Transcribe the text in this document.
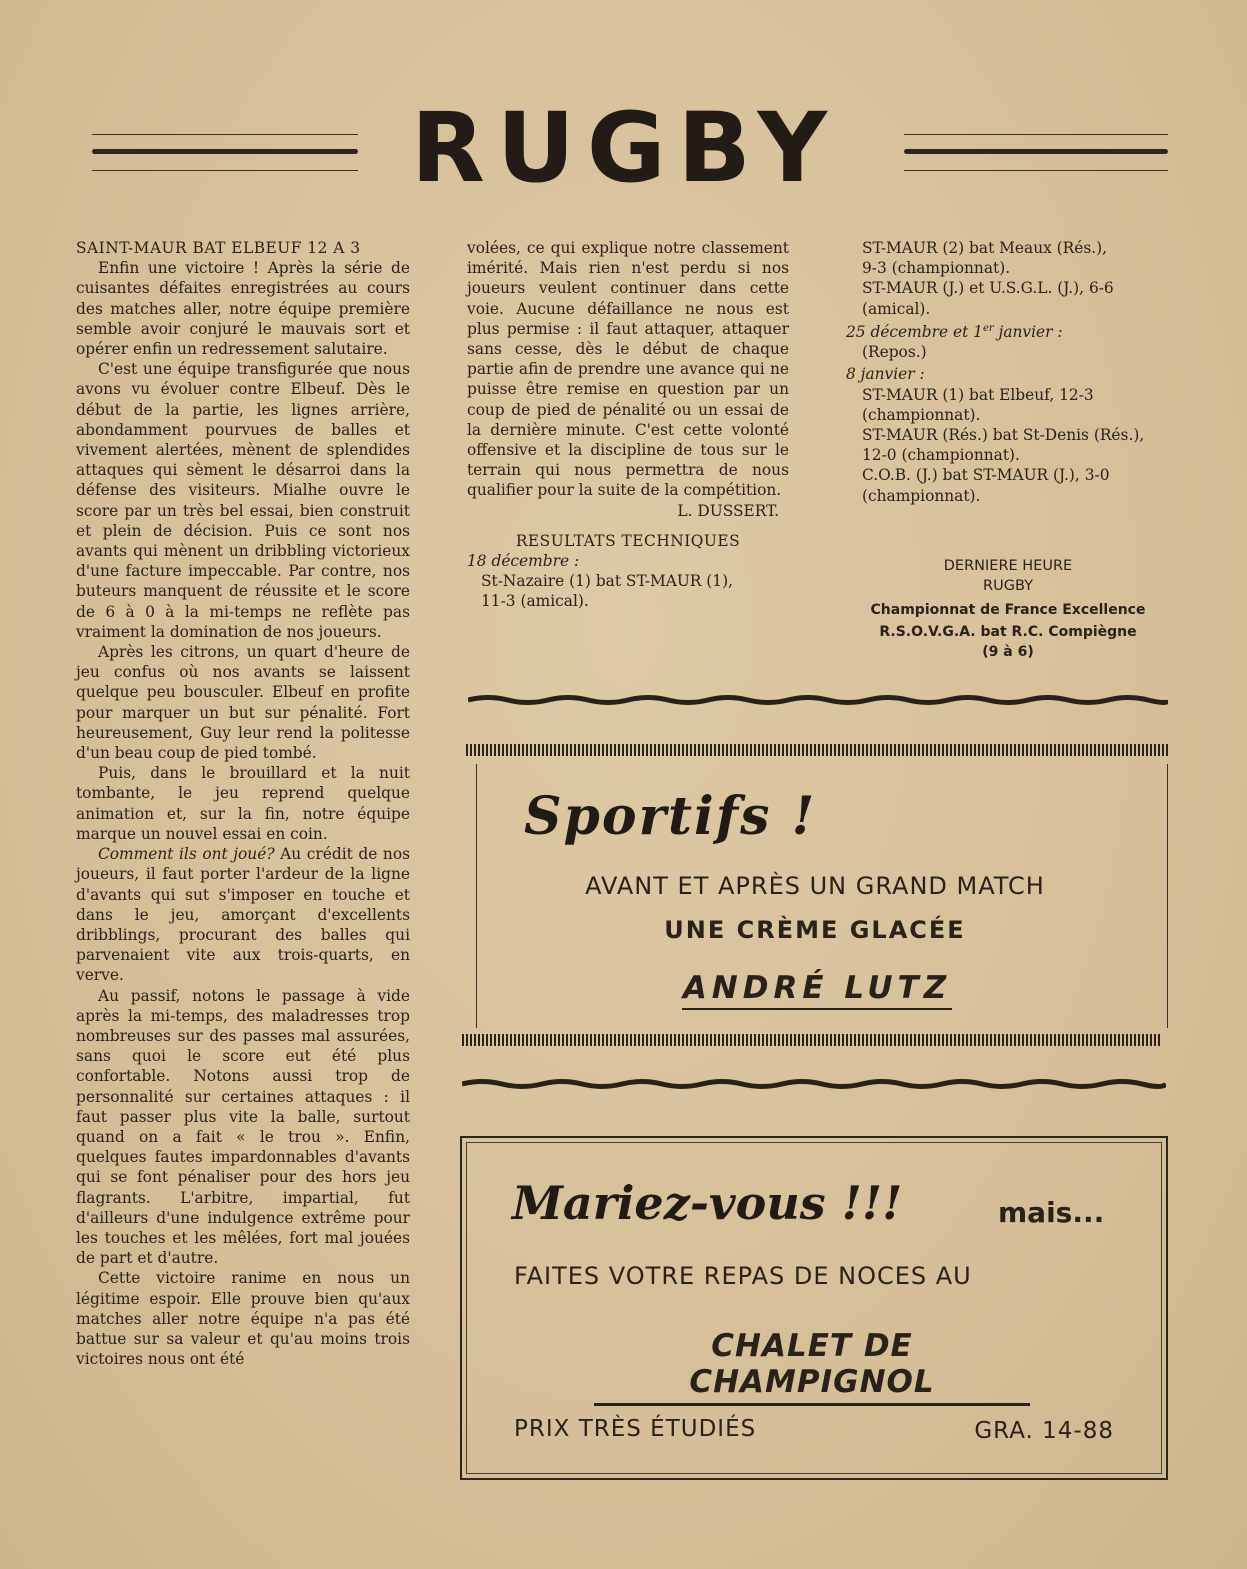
RUGBY

SAINT-MAUR BAT ELBEUF 12 A 3

Enfin une victoire ! Après la série de cuisantes défaites enregistrées au cours des matches aller, notre équipe première semble avoir conjuré le mauvais sort et opérer enfin un redressement salutaire.

C'est une équipe transfigurée que nous avons vu évoluer contre Elbeuf. Dès le début de la partie, les lignes arrière, abondamment pourvues de balles et vivement alertées, mènent de splendides attaques qui sèment le désarroi dans la défense des visiteurs. Mialhe ouvre le score par un très bel essai, bien construit et plein de décision. Puis ce sont nos avants qui mènent un dribbling victorieux d'une facture impeccable. Par contre, nos buteurs manquent de réussite et le score de 6 à 0 à la mi-temps ne reflète pas vraiment la domination de nos joueurs.

Après les citrons, un quart d'heure de jeu confus où nos avants se laissent quelque peu bousculer. Elbeuf en profite pour marquer un but sur pénalité. Fort heureusement, Guy leur rend la politesse d'un beau coup de pied tombé.

Puis, dans le brouillard et la nuit tombante, le jeu reprend quelque animation et, sur la fin, notre équipe marque un nouvel essai en coin.

Comment ils ont joué? Au crédit de nos joueurs, il faut porter l'ardeur de la ligne d'avants qui sut s'imposer en touche et dans le jeu, amorçant d'excellents dribblings, procurant des balles qui parvenaient vite aux trois-quarts, en verve.

Au passif, notons le passage à vide après la mi-temps, des maladresses trop nombreuses sur des passes mal assurées, sans quoi le score eut été plus confortable. Notons aussi trop de personnalité sur certaines attaques : il faut passer plus vite la balle, surtout quand on a fait « le trou ». Enfin, quelques fautes impardonnables d'avants qui se font pénaliser pour des hors jeu flagrants. L'arbitre, impartial, fut d'ailleurs d'une indulgence extrême pour les touches et les mêlées, fort mal jouées de part et d'autre.

Cette victoire ranime en nous un légitime espoir. Elle prouve bien qu'aux matches aller notre équipe n'a pas été battue sur sa valeur et qu'au moins trois victoires nous ont été

volées, ce qui explique notre classement imérité. Mais rien n'est perdu si nos joueurs veulent continuer dans cette voie. Aucune défaillance ne nous est plus permise : il faut attaquer, attaquer sans cesse, dès le début de chaque partie afin de prendre une avance qui ne puisse être remise en question par un coup de pied de pénalité ou un essai de la dernière minute. C'est cette volonté offensive et la discipline de tous sur le terrain qui nous permettra de nous qualifier pour la suite de la compétition.

L. DUSSERT.

RESULTATS TECHNIQUES

18 décembre :

St-Nazaire (1) bat ST-MAUR (1),
11-3 (amical).

ST-MAUR (2) bat Meaux (Rés.),
9-3 (championnat).

ST-MAUR (J.) et U.S.G.L. (J.), 6-6
(amical).

25 décembre et 1er janvier :

(Repos.)

8 janvier :

ST-MAUR (1) bat Elbeuf, 12-3
(championnat).

ST-MAUR (Rés.) bat St-Denis (Rés.),
12-0 (championnat).

C.O.B. (J.) bat ST-MAUR (J.), 3-0
(championnat).

DERNIERE HEURE
RUGBY
Championnat de France Excellence
R.S.O.V.G.A. bat R.C. Compiègne
(9 à 6)
Sportifs !
AVANT ET APRÈS UN GRAND MATCH
UNE CRÈME GLACÉE
ANDRÉ LUTZ
Mariez-vous !!!	mais...
FAITES VOTRE REPAS DE NOCES AU
CHALET DE CHAMPIGNOL
PRIX TRÈS ÉTUDIÉS	GRA. 14-88
